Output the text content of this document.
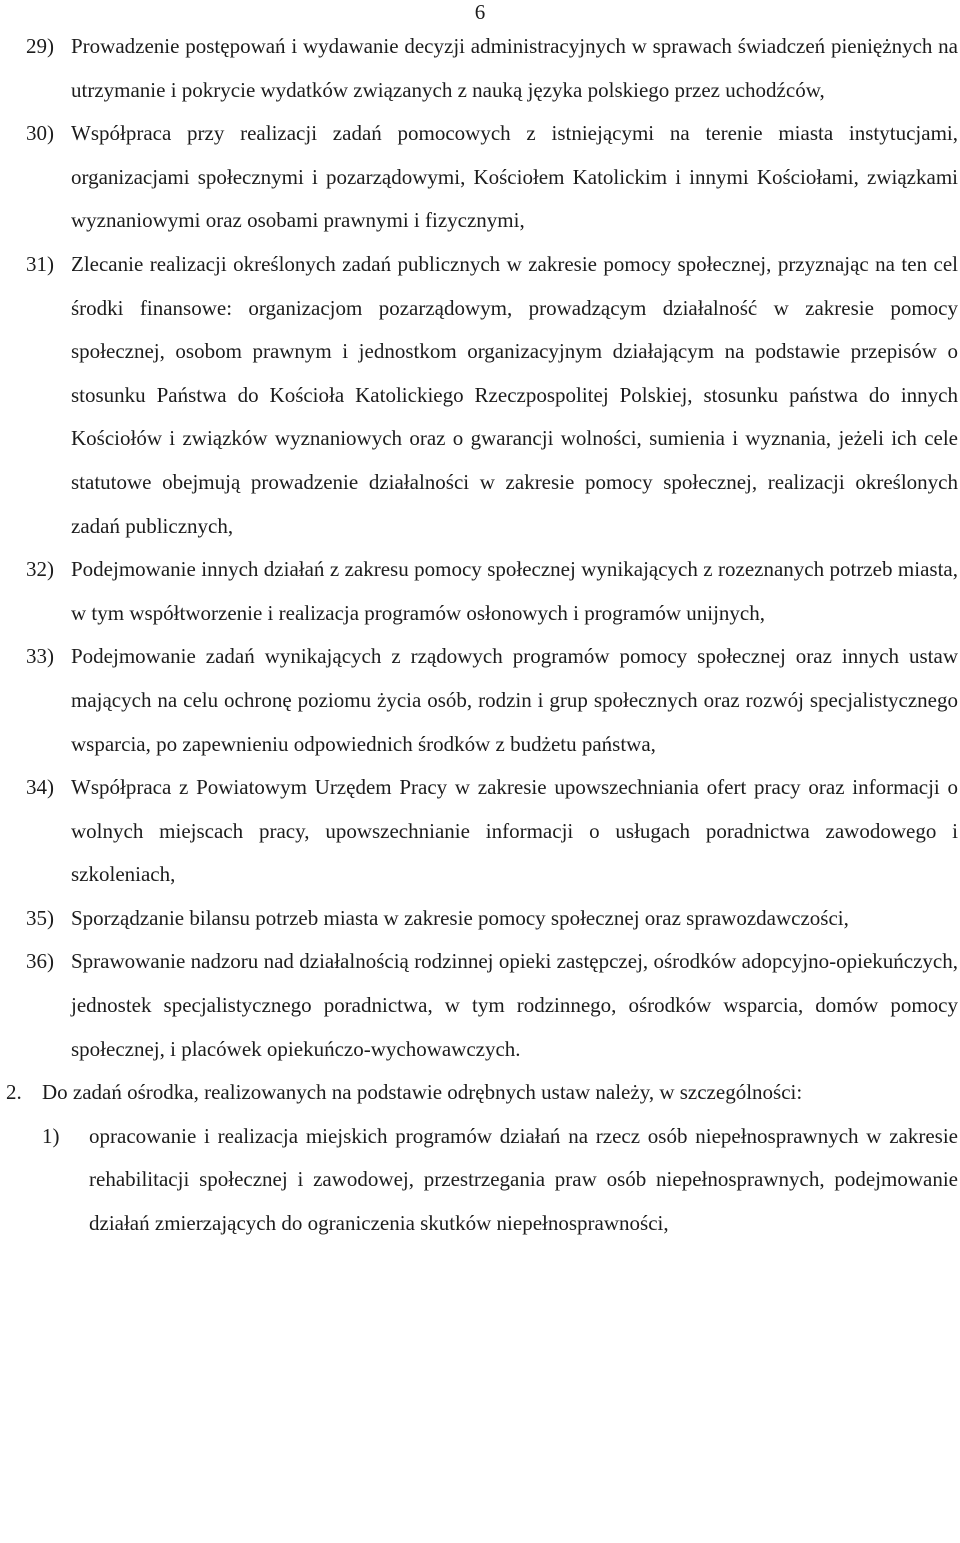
6
29) Prowadzenie postępowań i wydawanie decyzji administracyjnych w sprawach świadczeń pieniężnych na utrzymanie i pokrycie wydatków związanych z nauką języka polskiego przez uchodźców,
30) Współpraca przy realizacji zadań pomocowych z istniejącymi na terenie miasta instytucjami, organizacjami społecznymi i pozarządowymi, Kościołem Katolickim i innymi Kościołami, związkami wyznaniowymi oraz osobami prawnymi i fizycznymi,
31) Zlecanie realizacji określonych zadań publicznych w zakresie pomocy społecznej, przyznając na ten cel środki finansowe: organizacjom pozarządowym, prowadzącym działalność w zakresie pomocy społecznej, osobom prawnym i jednostkom organizacyjnym działającym na podstawie przepisów o stosunku Państwa do Kościoła Katolickiego Rzeczpospolitej Polskiej, stosunku państwa do innych Kościołów i związków wyznaniowych oraz o gwarancji wolności, sumienia i wyznania, jeżeli ich cele statutowe obejmują prowadzenie działalności w zakresie pomocy społecznej, realizacji określonych zadań publicznych,
32) Podejmowanie innych działań z zakresu pomocy społecznej wynikających z rozeznanych potrzeb miasta, w tym współtworzenie i realizacja programów osłonowych i programów unijnych,
33) Podejmowanie zadań wynikających z rządowych programów pomocy społecznej oraz innych ustaw mających na celu ochronę poziomu życia osób, rodzin i grup społecznych oraz rozwój specjalistycznego wsparcia, po zapewnieniu odpowiednich środków z budżetu państwa,
34) Współpraca z Powiatowym Urzędem Pracy w zakresie upowszechniania ofert pracy oraz informacji o wolnych miejscach pracy, upowszechnianie informacji o usługach poradnictwa zawodowego i szkoleniach,
35) Sporządzanie bilansu potrzeb miasta w zakresie pomocy społecznej oraz sprawozdawczości,
36) Sprawowanie nadzoru nad działalnością rodzinnej opieki zastępczej, ośrodków adopcyjno-opiekuńczych, jednostek specjalistycznego poradnictwa, w tym rodzinnego, ośrodków wsparcia, domów pomocy społecznej, i placówek opiekuńczo-wychowawczych.
2. Do zadań ośrodka, realizowanych na podstawie odrębnych ustaw należy, w szczególności:
1) opracowanie i realizacja miejskich programów działań na rzecz osób niepełnosprawnych w zakresie rehabilitacji społecznej i zawodowej, przestrzegania praw osób niepełnosprawnych, podejmowanie działań zmierzających do ograniczenia skutków niepełnosprawności,
